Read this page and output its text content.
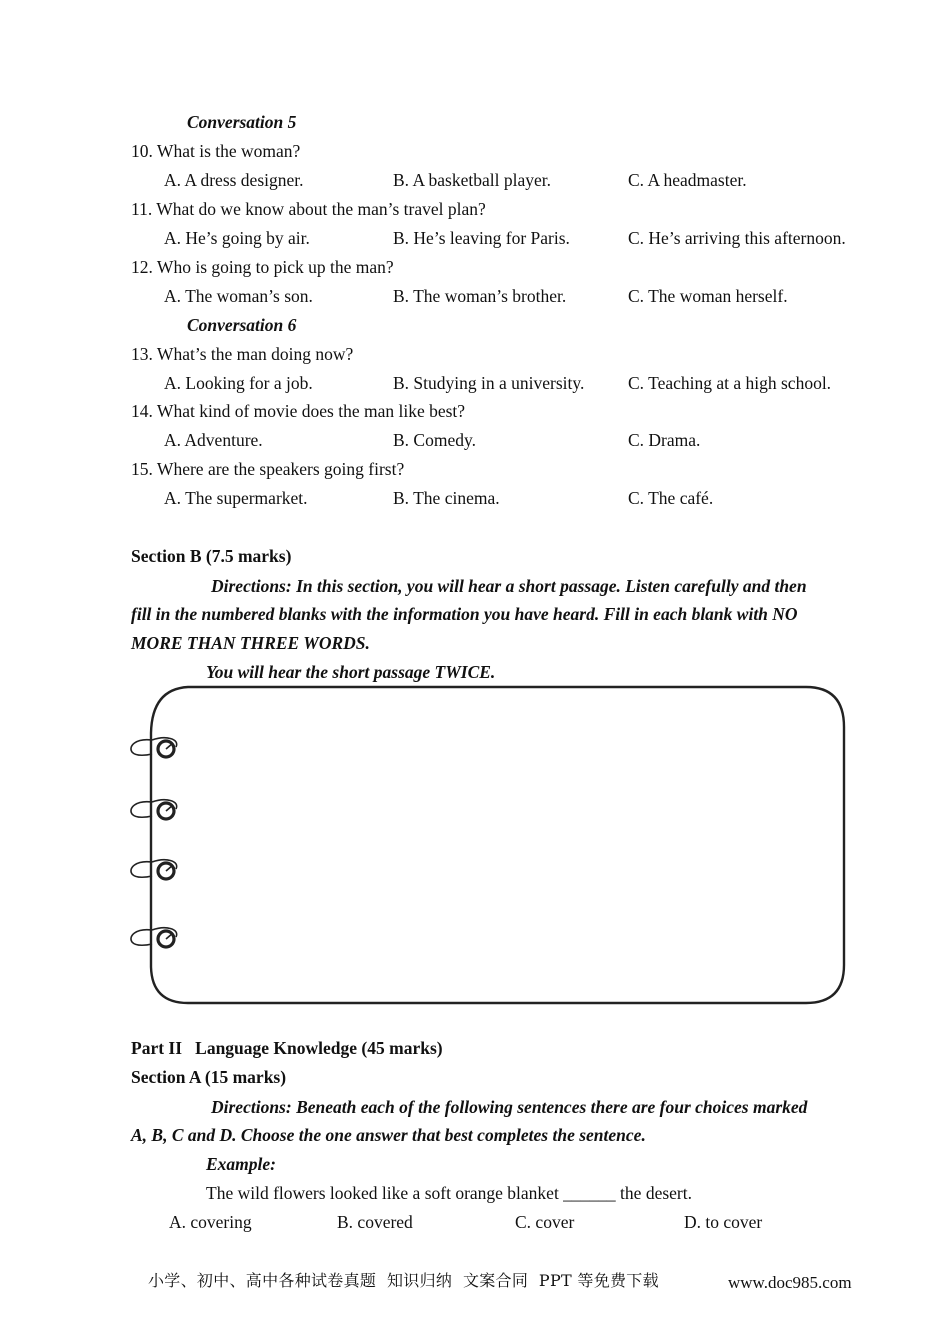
Conversation 5
10. What is the woman?
A. A dress designer.	B. A basketball player.	C. A headmaster.
11. What do we know about the man’s travel plan?
A. He’s going by air.	B. He’s leaving for Paris.	C. He’s arriving this afternoon.
12. Who is going to pick up the man?
A. The woman’s son.	B. The woman’s brother.	C. The woman herself.
Conversation 6
13. What’s the man doing now?
A. Looking for a job.	B. Studying in a university. C. Teaching at a high school.
14. What kind of movie does the man like best?
A. Adventure.	B. Comedy.	C. Drama.
15. Where are the speakers going first?
A. The supermarket.	B. The cinema.	C. The café.
Section B (7.5 marks)
Directions: In this section, you will hear a short passage. Listen carefully and then
fill in the numbered blanks with the information you have heard. Fill in each blank with NO
MORE THAN THREE WORDS.
You will hear the short passage TWICE.
Part II   Language Knowledge (45 marks)
Section A (15 marks)
Directions: Beneath each of the following sentences there are four choices marked
A, B, C and D. Choose the one answer that best completes the sentence.
Example:
The wild flowers looked like a soft orange blanket ______ the desert.
A. covering	B. covered	C. cover	D. to cover
小学、初中、高中各种试卷真题  知识归纳  文案合同  PPT 等免费下载	www.doc985.com
